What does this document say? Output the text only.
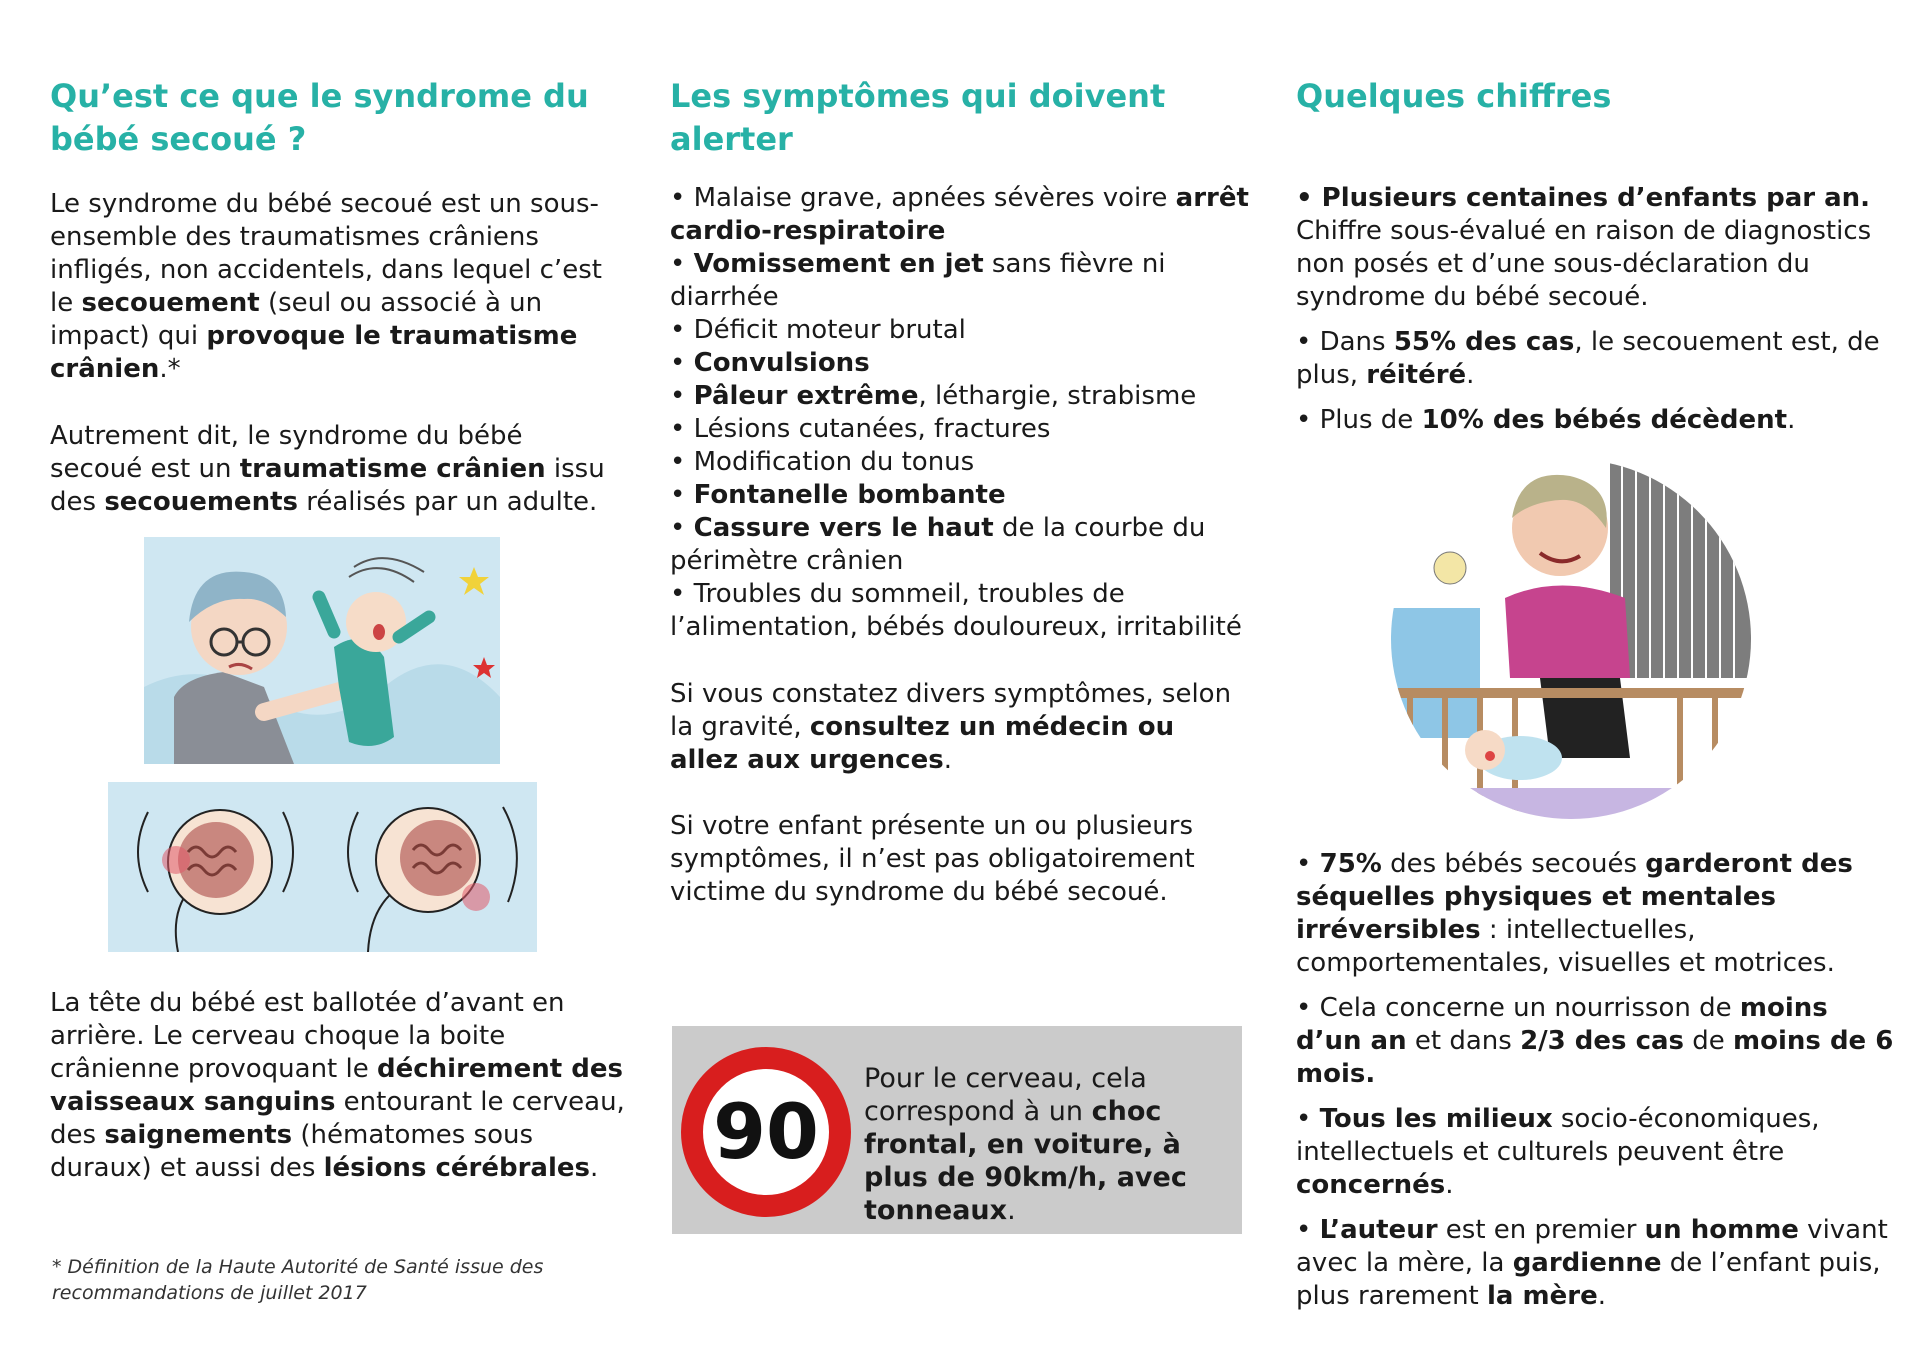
Qu’est ce que le syndrome du bébé secoué ?

Le syndrome du bébé secoué est un sous-ensemble des traumatismes crâniens infligés, non accidentels, dans lequel c’est le secouement (seul ou associé à un impact) qui provoque le traumatisme crânien.*

Autrement dit, le syndrome du bébé secoué est un traumatisme crânien issu des secouements réalisés par un adulte.

La tête du bébé est ballotée d’avant en arrière. Le cerveau choque la boite crânienne provoquant le déchirement des vaisseaux sanguins entourant le cerveau, des saignements (hématomes sous duraux) et aussi des lésions cérébrales.

* Définition de la Haute Autorité de Santé issue des recommandations de juillet 2017
Les symptômes qui doivent alerter
• Malaise grave, apnées sévères voire arrêt cardio-respiratoire
• Vomissement en jet sans fièvre ni diarrhée
• Déficit moteur brutal
• Convulsions
• Pâleur extrême, léthargie, strabisme
• Lésions cutanées, fractures
• Modification du tonus
• Fontanelle bombante
• Cassure vers le haut de la courbe du périmètre crânien
• Troubles du sommeil, troubles de l’alimentation, bébés douloureux, irritabilité

Si vous constatez divers symptômes, selon la gravité, consultez un médecin ou allez aux urgences.

Si votre enfant présente un ou plusieurs symptômes, il n’est pas obligatoirement victime du syndrome du bébé secoué.

90
Pour le cerveau, cela correspond à un choc frontal, en voiture, à plus de 90km/h, avec tonneaux.
Quelques chiffres
• Plusieurs centaines d’enfants par an. Chiffre sous-évalué en raison de diagnostics non posés et d’une sous-déclaration du syndrome du bébé secoué.
• Dans 55% des cas, le secouement est, de plus, réitéré.
• Plus de 10% des bébés décèdent.
• 75% des bébés secoués garderont des séquelles physiques et mentales irréversibles : intellectuelles, comportementales, visuelles et motrices.
• Cela concerne un nourrisson de moins d’un an et dans 2/3 des cas de moins de 6 mois.
• Tous les milieux socio-économiques, intellectuels et culturels peuvent être concernés.
• L’auteur est en premier un homme vivant avec la mère, la gardienne de l’enfant puis, plus rarement la mère.
